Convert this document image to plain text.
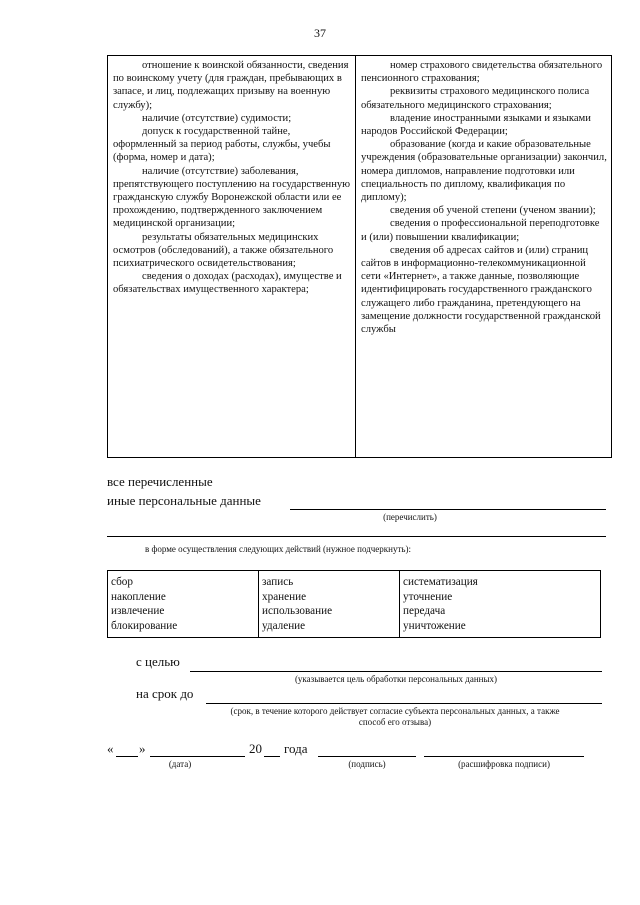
37

отношение к воинской обязанности, сведения по воинскому учету (для граждан, пребывающих в запасе, и лиц, подлежащих призыву на военную службу);

наличие (отсутствие) судимости;

допуск к государственной тайне, оформленный за период работы, службы, учебы (форма, номер и дата);

наличие (отсутствие) заболевания, препятствующего поступлению на государственную гражданскую службу Воронежской области или ее прохождению, подтвержденного заключением медицинской организации;

результаты обязательных медицинских осмотров (обследований), а также обязательного психиатрического освидетельствования;

сведения о доходах (расходах), имуществе и обязательствах имущественного характера;

номер страхового свидетельства обязательного пенсионного страхования;

реквизиты страхового медицинского полиса обязательного медицинского страхования;

владение иностранными языками и языками народов Российской Федерации;

образование (когда и какие образовательные учреждения (образовательные организации) закончил, номера дипломов, направление подготовки или специальность по диплому, квалификация по диплому);

сведения об ученой степени (ученом звании);

сведения о профессиональной переподготовке и (или) повышении квалификации;

сведения об адресах сайтов и (или) страниц сайтов в информационно-телекоммуникационной сети «Интернет», а также данные, позволяющие идентифицировать государственного гражданского служащего либо гражданина, претендующего на замещение должности государственной гражданской службы

все перечисленные
иные персональные данные
(перечислить)
в форме осуществления следующих действий (нужное подчеркнуть):
сбор
накопление
извлечение
блокирование

запись
хранение
использование
удаление

систематизация
уточнение
передача
уничтожение
с целью
(указывается цель обработки персональных данных)
на срок до
(срок, в течение которого действует согласие субъекта персональных данных, а также
способ его отзыва)
« »	20 года
(дата)	(подпись)	(расшифровка подписи)
